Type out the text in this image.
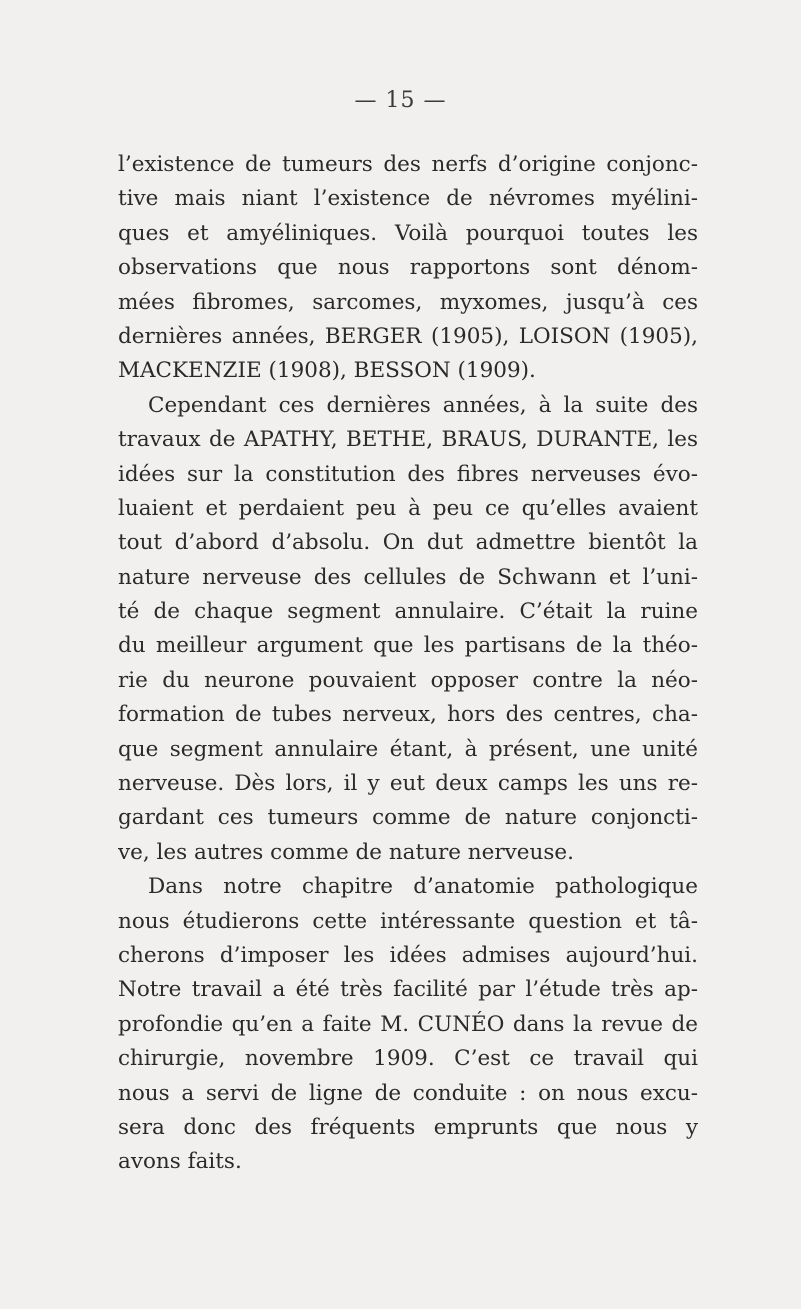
— 15 —
l’existence de tumeurs des nerfs d’origine conjonc-
tive mais niant l’existence de névromes myélini-
ques et amyéliniques. Voilà pourquoi toutes les
observations que nous rapportons sont dénom-
mées fibromes, sarcomes, myxomes, jusqu’à ces
dernières années, BERGER (1905), LOISON (1905),
MACKENZIE (1908), BESSON (1909).
Cependant ces dernières années, à la suite des
travaux de APATHY, BETHE, BRAUS, DURANTE, les
idées sur la constitution des fibres nerveuses évo-
luaient et perdaient peu à peu ce qu’elles avaient
tout d’abord d’absolu. On dut admettre bientôt la
nature nerveuse des cellules de Schwann et l’uni-
té de chaque segment annulaire. C’était la ruine
du meilleur argument que les partisans de la théo-
rie du neurone pouvaient opposer contre la néo-
formation de tubes nerveux, hors des centres, cha-
que segment annulaire étant, à présent, une unité
nerveuse. Dès lors, il y eut deux camps les uns re-
gardant ces tumeurs comme de nature conjoncti-
ve, les autres comme de nature nerveuse.
Dans notre chapitre d’anatomie pathologique
nous étudierons cette intéressante question et tâ-
cherons d’imposer les idées admises aujourd’hui.
Notre travail a été très facilité par l’étude très ap-
profondie qu’en a faite M. CUNÉO dans la revue de
chirurgie, novembre 1909. C’est ce travail qui
nous a servi de ligne de conduite : on nous excu-
sera donc des fréquents emprunts que nous y
avons faits.
